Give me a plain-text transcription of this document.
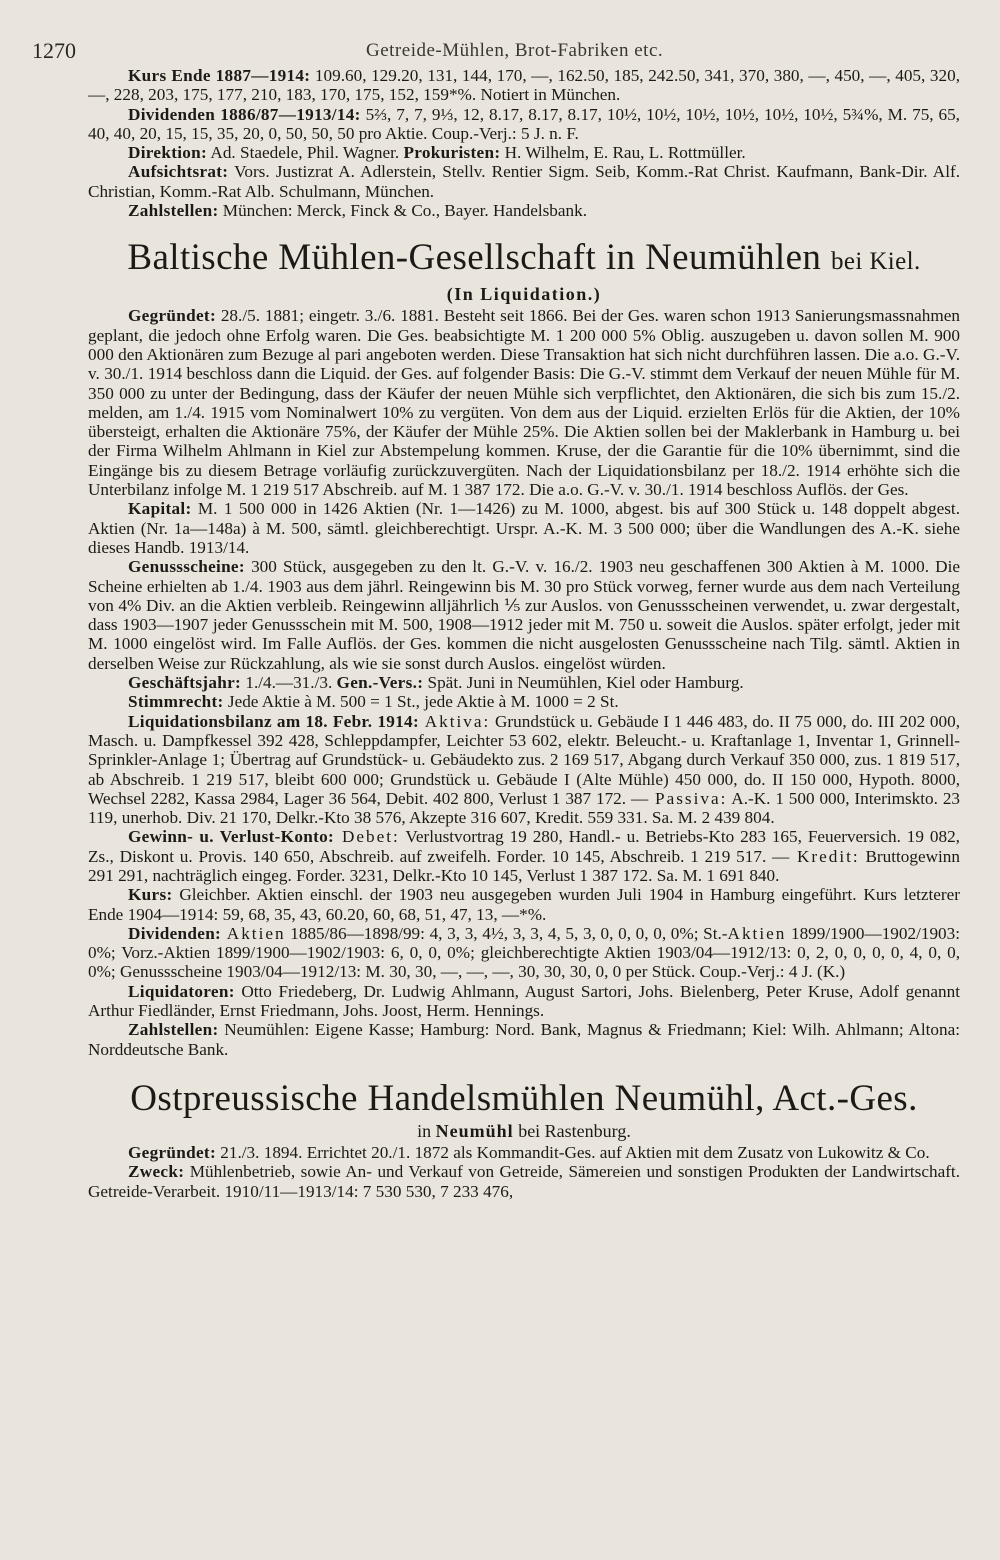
1270	Getreide-Mühlen, Brot-Fabriken etc.

Kurs Ende 1887—1914: 109.60, 129.20, 131, 144, 170, —, 162.50, 185, 242.50, 341, 370, 380, —, 450, —, 405, 320, —, 228, 203, 175, 177, 210, 183, 170, 175, 152, 159*%. Notiert in München.

Dividenden 1886/87—1913/14: 5⅔, 7, 7, 9⅓, 12, 8.17, 8.17, 8.17, 10½, 10½, 10½, 10½, 10½, 10½, 5¾%, M. 75, 65, 40, 40, 20, 15, 15, 35, 20, 0, 50, 50, 50 pro Aktie. Coup.-Verj.: 5 J. n. F.

Direktion: Ad. Staedele, Phil. Wagner. Prokuristen: H. Wilhelm, E. Rau, L. Rottmüller.

Aufsichtsrat: Vors. Justizrat A. Adlerstein, Stellv. Rentier Sigm. Seib, Komm.-Rat Christ. Kaufmann, Bank-Dir. Alf. Christian, Komm.-Rat Alb. Schulmann, München.

Zahlstellen: München: Merck, Finck & Co., Bayer. Handelsbank.

Baltische Mühlen-Gesellschaft in Neumühlen bei Kiel.
(In Liquidation.)

Gegründet: 28./5. 1881; eingetr. 3./6. 1881. Besteht seit 1866. Bei der Ges. waren schon 1913 Sanierungsmassnahmen geplant, die jedoch ohne Erfolg waren. Die Ges. beabsichtigte M. 1 200 000 5% Oblig. auszugeben u. davon sollen M. 900 000 den Aktionären zum Bezuge al pari angeboten werden. Diese Transaktion hat sich nicht durchführen lassen. Die a.o. G.-V. v. 30./1. 1914 beschloss dann die Liquid. der Ges. auf folgender Basis: Die G.-V. stimmt dem Verkauf der neuen Mühle für M. 350 000 zu unter der Bedingung, dass der Käufer der neuen Mühle sich verpflichtet, den Aktionären, die sich bis zum 15./2. melden, am 1./4. 1915 vom Nominalwert 10% zu vergüten. Von dem aus der Liquid. erzielten Erlös für die Aktien, der 10% übersteigt, erhalten die Aktionäre 75%, der Käufer der Mühle 25%. Die Aktien sollen bei der Maklerbank in Hamburg u. bei der Firma Wilhelm Ahlmann in Kiel zur Abstempelung kommen. Kruse, der die Garantie für die 10% übernimmt, sind die Eingänge bis zu diesem Betrage vorläufig zurückzuvergüten. Nach der Liquidationsbilanz per 18./2. 1914 erhöhte sich die Unterbilanz infolge M. 1 219 517 Abschreib. auf M. 1 387 172. Die a.o. G.-V. v. 30./1. 1914 beschloss Auflös. der Ges.

Kapital: M. 1 500 000 in 1426 Aktien (Nr. 1—1426) zu M. 1000, abgest. bis auf 300 Stück u. 148 doppelt abgest. Aktien (Nr. 1a—148a) à M. 500, sämtl. gleichberechtigt. Urspr. A.-K. M. 3 500 000; über die Wandlungen des A.-K. siehe dieses Handb. 1913/14.

Genussscheine: 300 Stück, ausgegeben zu den lt. G.-V. v. 16./2. 1903 neu geschaffenen 300 Aktien à M. 1000. Die Scheine erhielten ab 1./4. 1903 aus dem jährl. Reingewinn bis M. 30 pro Stück vorweg, ferner wurde aus dem nach Verteilung von 4% Div. an die Aktien verbleib. Reingewinn alljährlich ⅕ zur Auslos. von Genussscheinen verwendet, u. zwar dergestalt, dass 1903—1907 jeder Genussschein mit M. 500, 1908—1912 jeder mit M. 750 u. soweit die Auslos. später erfolgt, jeder mit M. 1000 eingelöst wird. Im Falle Auflös. der Ges. kommen die nicht ausgelosten Genussscheine nach Tilg. sämtl. Aktien in derselben Weise zur Rückzahlung, als wie sie sonst durch Auslos. eingelöst würden.

Geschäftsjahr: 1./4.—31./3. Gen.-Vers.: Spät. Juni in Neumühlen, Kiel oder Hamburg.

Stimmrecht: Jede Aktie à M. 500 = 1 St., jede Aktie à M. 1000 = 2 St.

Liquidationsbilanz am 18. Febr. 1914: Aktiva: Grundstück u. Gebäude I 1 446 483, do. II 75 000, do. III 202 000, Masch. u. Dampfkessel 392 428, Schleppdampfer, Leichter 53 602, elektr. Beleucht.- u. Kraftanlage 1, Inventar 1, Grinnell-Sprinkler-Anlage 1; Übertrag auf Grundstück- u. Gebäudekto zus. 2 169 517, Abgang durch Verkauf 350 000, zus. 1 819 517, ab Abschreib. 1 219 517, bleibt 600 000; Grundstück u. Gebäude I (Alte Mühle) 450 000, do. II 150 000, Hypoth. 8000, Wechsel 2282, Kassa 2984, Lager 36 564, Debit. 402 800, Verlust 1 387 172. — Passiva: A.-K. 1 500 000, Interimskto. 23 119, unerhob. Div. 21 170, Delkr.-Kto 38 576, Akzepte 316 607, Kredit. 559 331. Sa. M. 2 439 804.

Gewinn- u. Verlust-Konto: Debet: Verlustvortrag 19 280, Handl.- u. Betriebs-Kto 283 165, Feuerversich. 19 082, Zs., Diskont u. Provis. 140 650, Abschreib. auf zweifelh. Forder. 10 145, Abschreib. 1 219 517. — Kredit: Bruttogewinn 291 291, nachträglich eingeg. Forder. 3231, Delkr.-Kto 10 145, Verlust 1 387 172. Sa. M. 1 691 840.

Kurs: Gleichber. Aktien einschl. der 1903 neu ausgegeben wurden Juli 1904 in Hamburg eingeführt. Kurs letzterer Ende 1904—1914: 59, 68, 35, 43, 60.20, 60, 68, 51, 47, 13, —*%.

Dividenden: Aktien 1885/86—1898/99: 4, 3, 3, 4½, 3, 3, 4, 5, 3, 0, 0, 0, 0, 0%; St.-Aktien 1899/1900—1902/1903: 0%; Vorz.-Aktien 1899/1900—1902/1903: 6, 0, 0, 0%; gleichberechtigte Aktien 1903/04—1912/13: 0, 2, 0, 0, 0, 0, 4, 0, 0, 0%; Genussscheine 1903/04—1912/13: M. 30, 30, —, —, —, 30, 30, 30, 0, 0 per Stück. Coup.-Verj.: 4 J. (K.)

Liquidatoren: Otto Friedeberg, Dr. Ludwig Ahlmann, August Sartori, Johs. Bielenberg, Peter Kruse, Adolf genannt Arthur Fiedländer, Ernst Friedmann, Johs. Joost, Herm. Hennings.

Zahlstellen: Neumühlen: Eigene Kasse; Hamburg: Nord. Bank, Magnus & Friedmann; Kiel: Wilh. Ahlmann; Altona: Norddeutsche Bank.

Ostpreussische Handelsmühlen Neumühl, Act.-Ges.
in Neumühl bei Rastenburg.

Gegründet: 21./3. 1894. Errichtet 20./1. 1872 als Kommandit-Ges. auf Aktien mit dem Zusatz von Lukowitz & Co.

Zweck: Mühlenbetrieb, sowie An- und Verkauf von Getreide, Sämereien und sonstigen Produkten der Landwirtschaft. Getreide-Verarbeit. 1910/11—1913/14: 7 530 530, 7 233 476,
